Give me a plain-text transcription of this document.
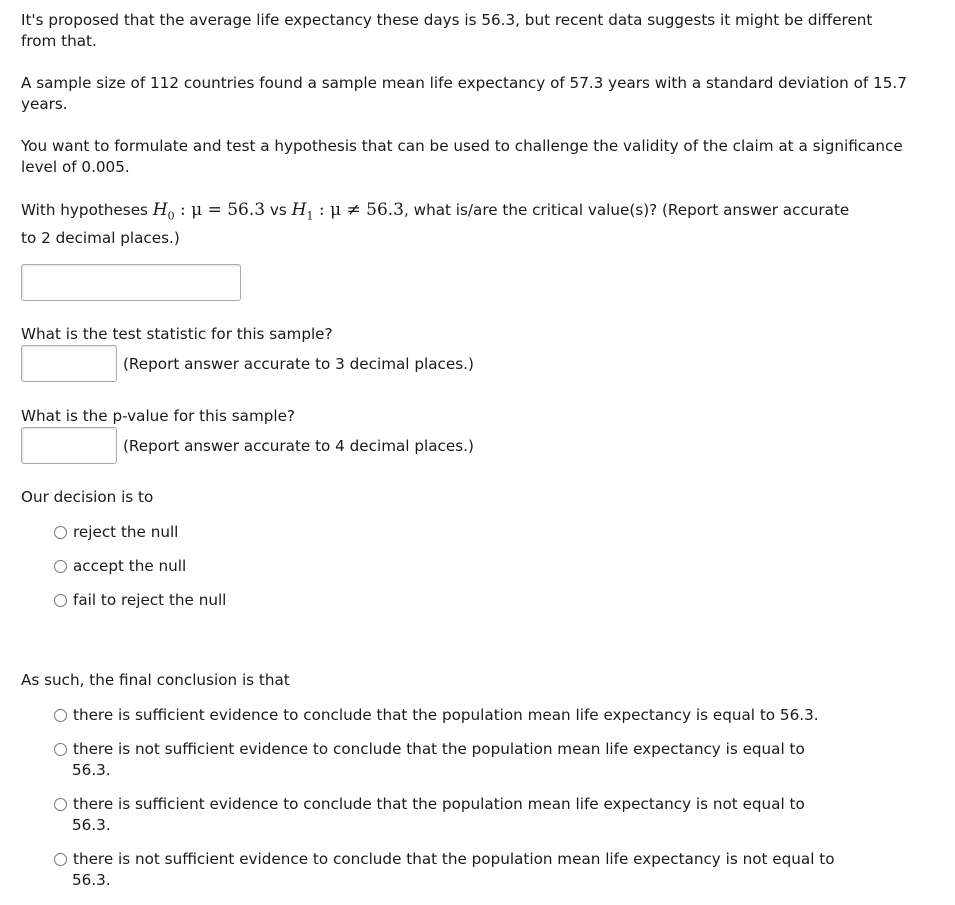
It's proposed that the average life expectancy these days is 56.3, but recent data suggests it might be different from that.

A sample size of 112 countries found a sample mean life expectancy of 57.3 years with a standard deviation of 15.7 years.

You want to formulate and test a hypothesis that can be used to challenge the validity of the claim at a significance level of 0.005.

With hypotheses $H_0$ : μ = 56.3 vs $H_1$ : μ ≠ 56.3, what is/are the critical value(s)? (Report answer accurate to 2 decimal places.)

What is the test statistic for this sample?
(Report answer accurate to 3 decimal places.)
What is the p-value for this sample?
(Report answer accurate to 4 decimal places.)
Our decision is to
reject the null
accept the null
fail to reject the null
As such, the final conclusion is that
there is sufficient evidence to conclude that the population mean life expectancy is equal to 56.3.
there is not sufficient evidence to conclude that the population mean life expectancy is equal to
56.3.
there is sufficient evidence to conclude that the population mean life expectancy is not equal to
56.3.
there is not sufficient evidence to conclude that the population mean life expectancy is not equal to
56.3.
